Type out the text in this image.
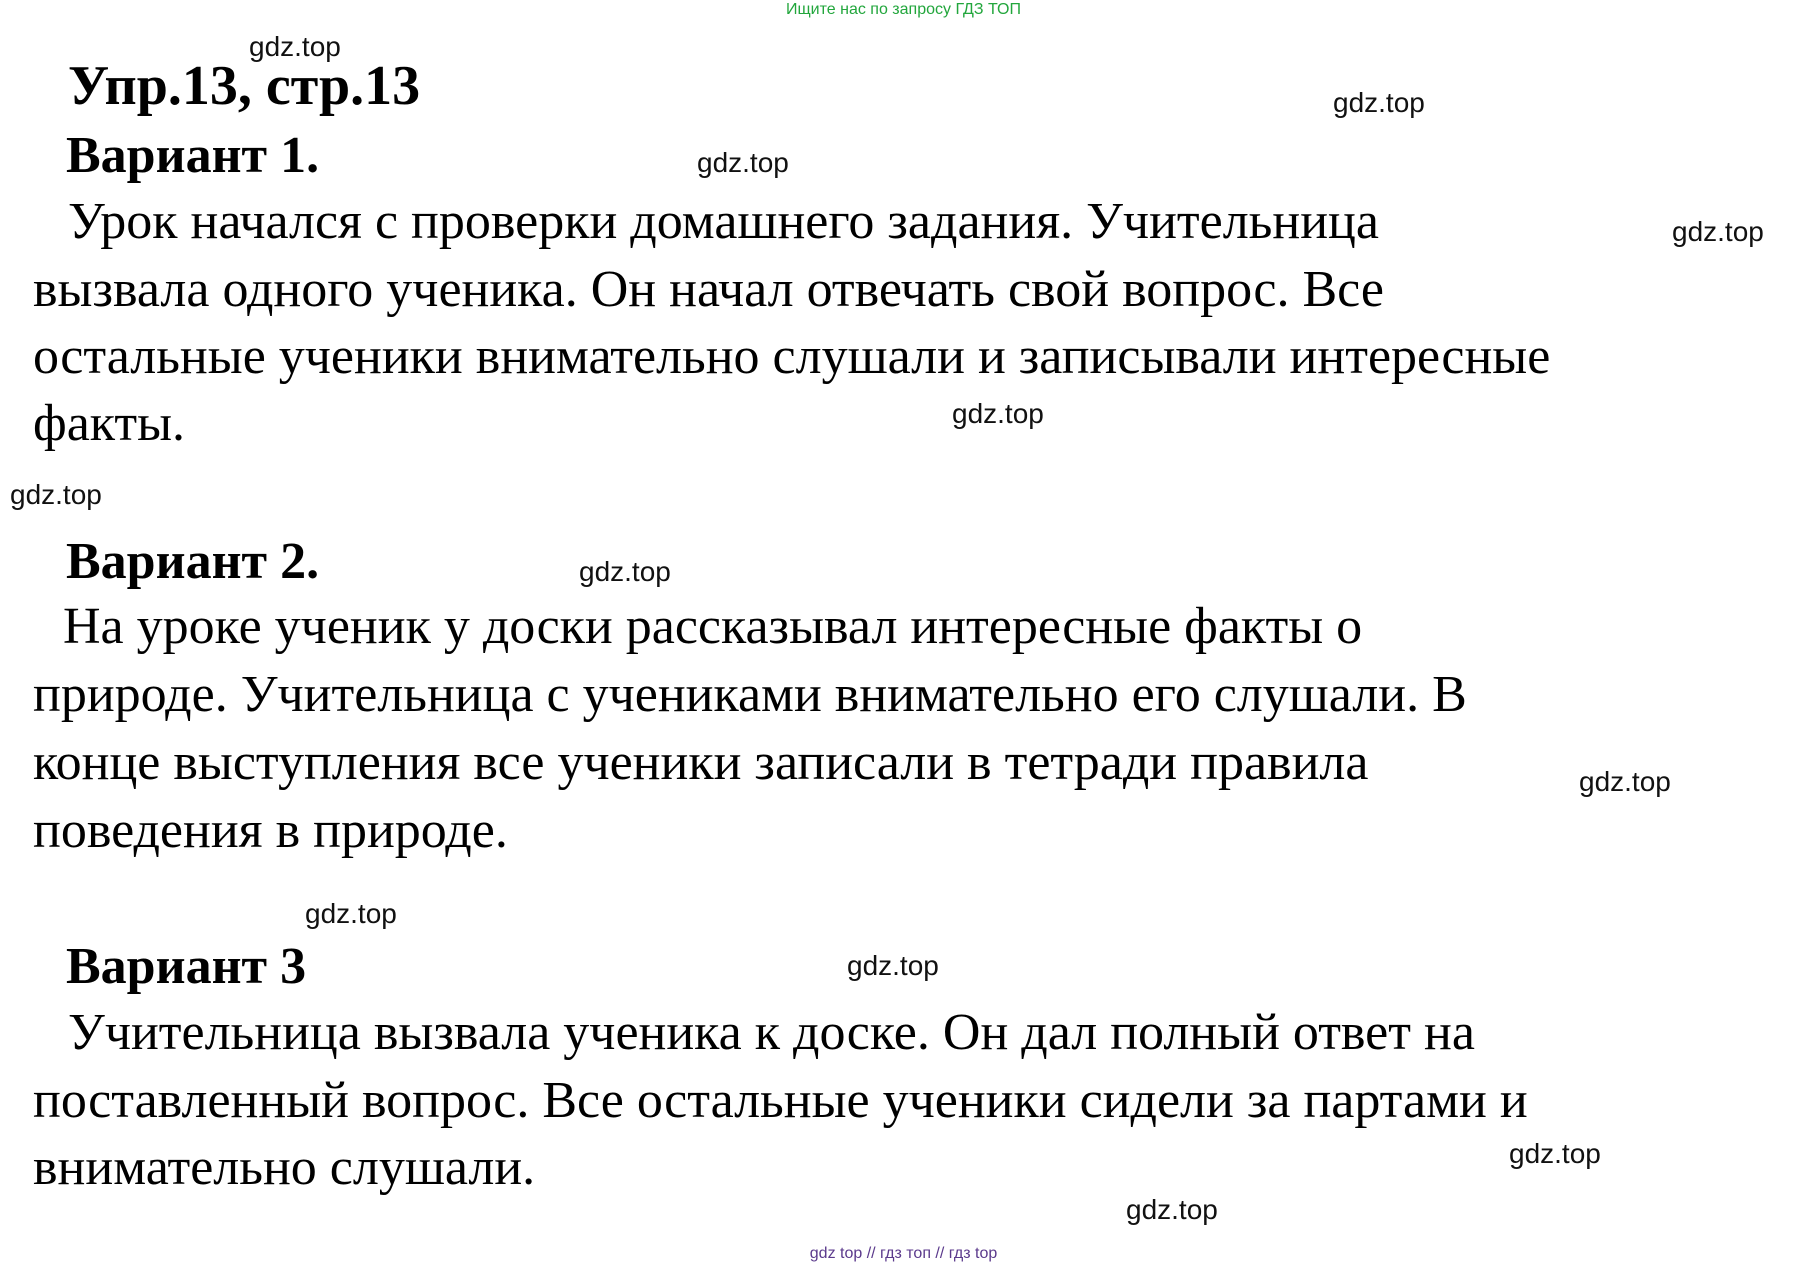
Ищите нас по запросу ГДЗ ТОП
Упр.13, стр.13
Вариант 1.
Урок начался с проверки домашнего задания. Учительница
вызвала одного ученика. Он начал отвечать свой вопрос. Все
остальные ученики внимательно слушали и записывали интересные
факты.
Вариант 2.
На уроке ученик у доски рассказывал интересные факты о
природе. Учительница с учениками внимательно его слушали. В
конце выступления все ученики записали в тетради правила
поведения в природе.
Вариант 3
Учительница вызвала ученика к доске. Он дал полный ответ на
поставленный вопрос. Все остальные ученики сидели за партами и
внимательно слушали.
gdz.top
gdz.top
gdz.top
gdz.top
gdz.top
gdz.top
gdz.top
gdz.top
gdz.top
gdz.top
gdz.top
gdz.top
gdz top // гдз топ // гдз top
